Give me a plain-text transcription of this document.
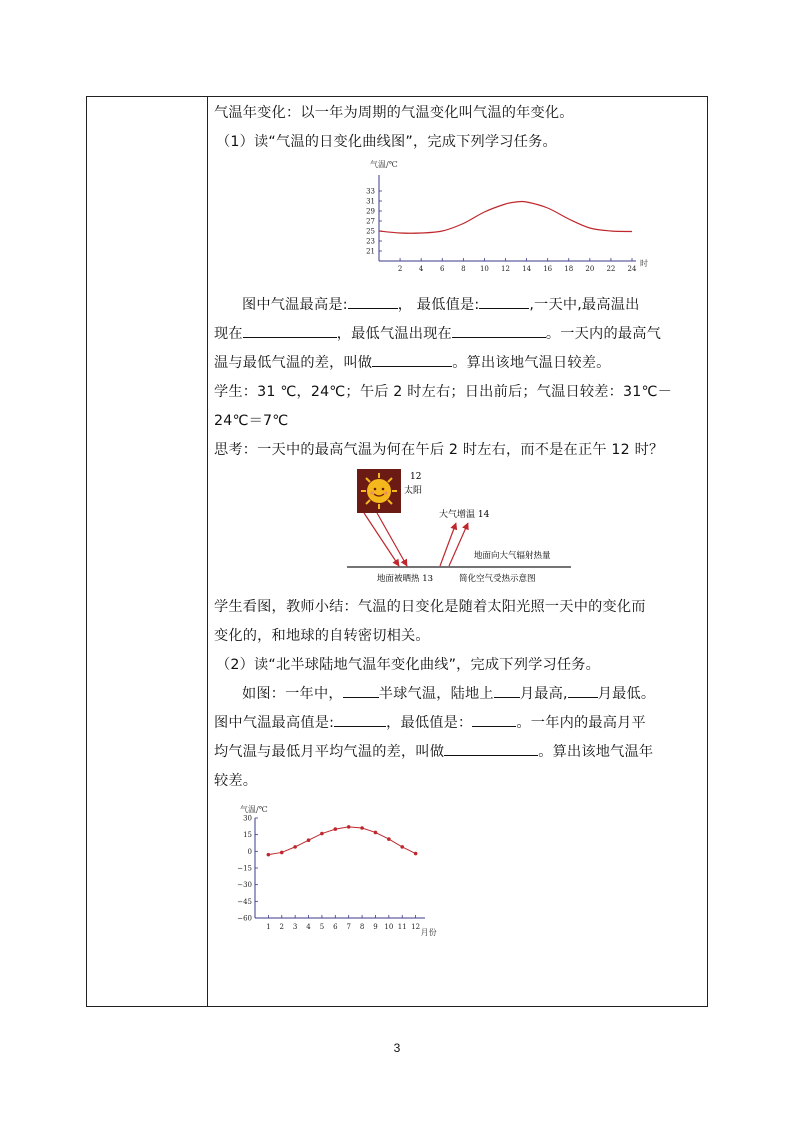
气温年变化：以一年为周期的气温变化叫气温的年变化。

（1）读“气温的日变化曲线图”，完成下列学习任务。

气温/℃
时
21
23
25
27
29
31
33
2 4 6 8 10 12 14 16 18 20 22 24

图中气温最高是:	， 最低值是:	,一天中,最高温出

现在	，最低气温出现在	。一天内的最高气

温与最低气温的差，叫做	。算出该地气温日较差。

学生：31 ℃，24℃；午后 2 时左右；日出前后；气温日较差：31℃－

24℃＝7℃

思考：一天中的最高气温为何在午后 2 时左右，而不是在正午 12 时？

12
太阳
大气增温 14
地面向大气辐射热量
地面被晒热 13	简化空气受热示意图

学生看图，教师小结：气温的日变化是随着太阳光照一天中的变化而

变化的，和地球的自转密切相关。

（2）读“北半球陆地气温年变化曲线”，完成下列学习任务。

如图：一年中，	半球气温，陆地上 月最高, 月最低。

图中气温最高值是:	，最低值是：	。一年内的最高月平

均气温与最低月平均气温的差，叫做	。算出该地气温年

较差。

气温/℃
月份
30
15
0
−15
−30
−45
−60
1 2 3 4 5 6 7 8 9 10 11 12
3
